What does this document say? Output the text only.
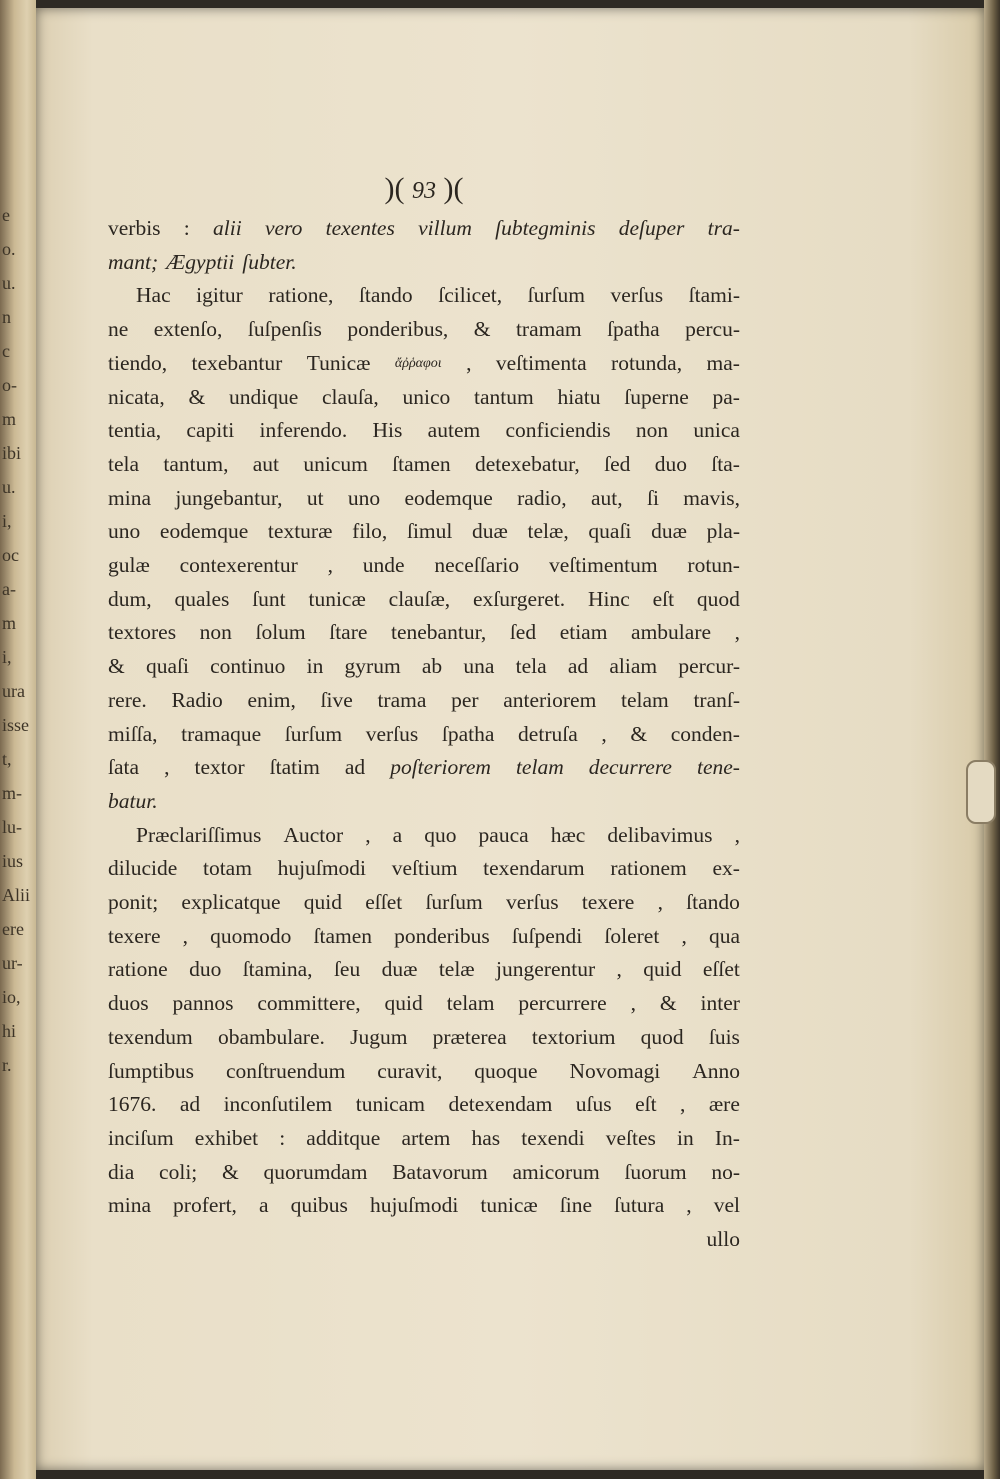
e
o.
u.
n
c
o-
m
ibi
u.
i,
oc
a-
m
i,
ura
isse
t,
m-
lu-
ius
Alii
ere
ur-
io,
hi
r.
)( 93 )(
verbis : alii vero texentes villum ſubtegminis deſuper tra-
mant; Ægyptii ſubter.
Hac igitur ratione, ſtando ſcilicet, ſurſum verſus ſtami-
ne extenſo, ſuſpenſis ponderibus, & tramam ſpatha percu-
tiendo, texebantur Tunicæ ἄῤῥαφοι , veſtimenta rotunda, ma-
nicata, & undique clauſa, unico tantum hiatu ſuperne pa-
tentia, capiti inferendo. His autem conficiendis non unica
tela tantum, aut unicum ſtamen detexebatur, ſed duo ſta-
mina jungebantur, ut uno eodemque radio, aut, ſi mavis,
uno eodemque texturæ filo, ſimul duæ telæ, quaſi duæ pla-
gulæ contexerentur , unde neceſſario veſtimentum rotun-
dum, quales ſunt tunicæ clauſæ, exſurgeret. Hinc eſt quod
textores non ſolum ſtare tenebantur, ſed etiam ambulare ,
& quaſi continuo in gyrum ab una tela ad aliam percur-
rere. Radio enim, ſive trama per anteriorem telam tranſ-
miſſa, tramaque ſurſum verſus ſpatha detruſa , & conden-
ſata , textor ſtatim ad poſteriorem telam decurrere tene-
batur.
Præclariſſimus Auctor , a quo pauca hæc delibavimus ,
dilucide totam hujuſmodi veſtium texendarum rationem ex-
ponit; explicatque quid eſſet ſurſum verſus texere , ſtando
texere , quomodo ſtamen ponderibus ſuſpendi ſoleret , qua
ratione duo ſtamina, ſeu duæ telæ jungerentur , quid eſſet
duos pannos committere, quid telam percurrere , & inter
texendum obambulare. Jugum præterea textorium quod ſuis
ſumptibus conſtruendum curavit, quoque Novomagi Anno
1676. ad inconſutilem tunicam detexendam uſus eſt , ære
inciſum exhibet : additque artem has texendi veſtes in In-
dia coli; & quorumdam Batavorum amicorum ſuorum no-
mina profert, a quibus hujuſmodi tunicæ ſine ſutura , vel
ullo
